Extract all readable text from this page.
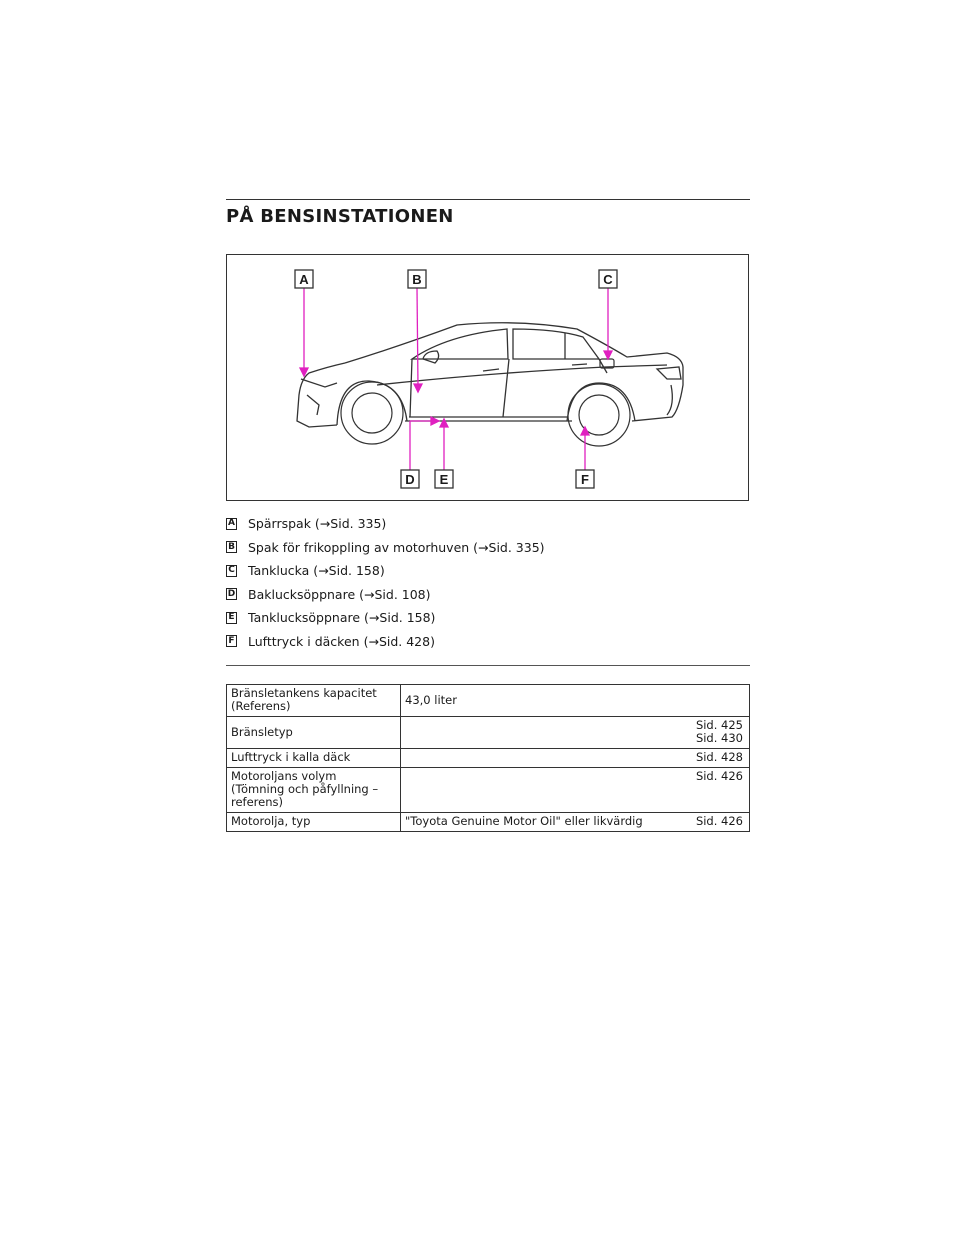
PÅ BENSINSTATIONEN
A	B	C
D E	F
A Spärrspak ( → Sid. 335)
B Spak för frikoppling av motorhuven ( → Sid. 335)
C Tanklucka ( → Sid. 158)
D Baklucksöppnare ( → Sid. 108)
E Tanklucksöppnare ( → Sid. 158)
F Lufttryck i däcken ( → Sid. 428)
Bränsletankens kapacitet
(Referens)	43,0 liter
Bränsletyp	Sid. 425
Sid. 430

Lufttryck i kalla däck	Sid. 428

Motoroljans volym
(Tömning och påfyllning –
referens)	Sid. 426
Motorolja, typ	"Toyota Genuine Motor Oil" eller likvärdig Sid. 426
